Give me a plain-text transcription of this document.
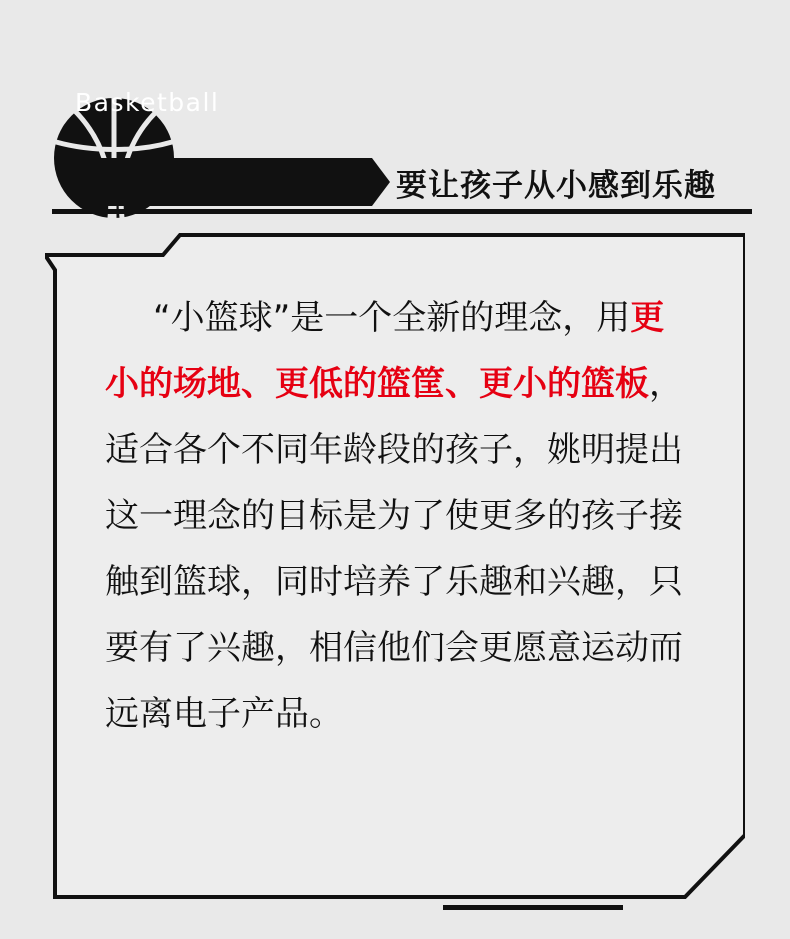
Basketball
要让孩子从小感到乐趣
“小篮球”是一个全新的理念，用更小的场地、更低的篮筐、更小的篮板，适合各个不同年龄段的孩子，姚明提出这一理念的目标是为了使更多的孩子接触到篮球，同时培养了乐趣和兴趣，只要有了兴趣，相信他们会更愿意运动而远离电子产品。
